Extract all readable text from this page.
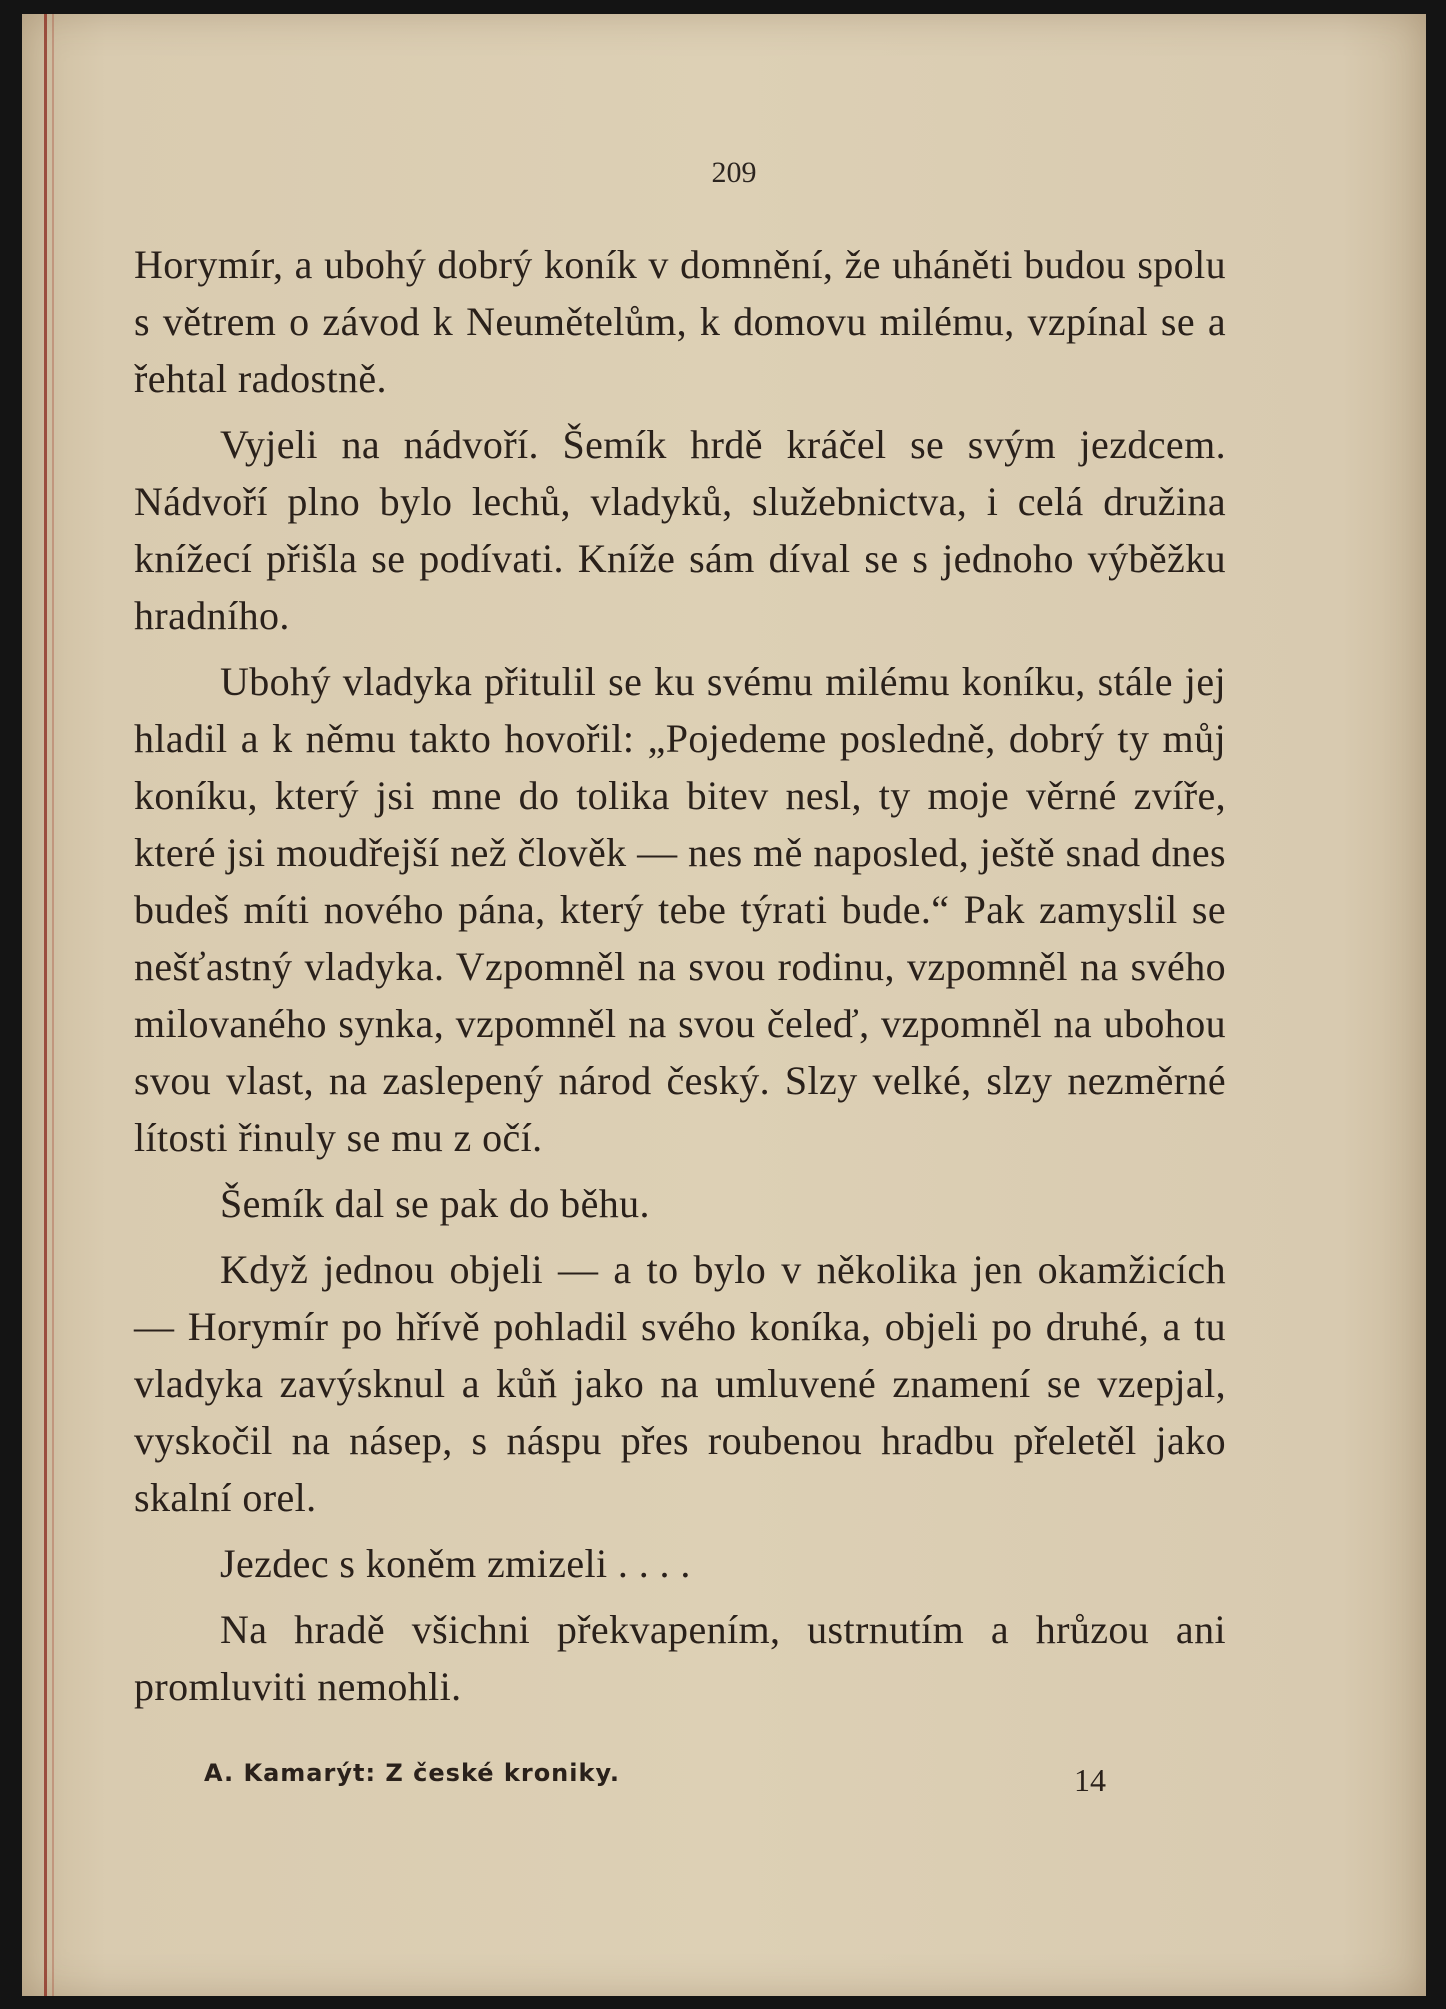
209

Horymír, a ubohý dobrý koník v domnění, že uháněti budou spolu s větrem o závod k Neumětelům, k domovu milému, vzpínal se a řehtal radostně.

Vyjeli na nádvoří. Šemík hrdě kráčel se svým jezdcem. Nádvoří plno bylo lechů, vladyků, služebnictva, i celá družina knížecí přišla se podívati. Kníže sám díval se s jednoho výběžku hradního.

Ubohý vladyka přitulil se ku svému milému koníku, stále jej hladil a k němu takto hovořil: „Pojedeme posledně, dobrý ty můj koníku, který jsi mne do tolika bitev nesl, ty moje věrné zvíře, které jsi moudřejší než člověk — nes mě naposled, ještě snad dnes budeš míti nového pána, který tebe týrati bude.“ Pak zamyslil se nešťastný vladyka. Vzpomněl na svou rodinu, vzpomněl na svého milovaného synka, vzpomněl na svou čeleď, vzpomněl na ubohou svou vlast, na zaslepený národ český. Slzy velké, slzy nezměrné lítosti řinuly se mu z očí.

Šemík dal se pak do běhu.

Když jednou objeli — a to bylo v několika jen okamžicích — Horymír po hřívě pohladil svého koníka, objeli po druhé, a tu vladyka zavýsknul a kůň jako na umluvené znamení se vzepjal, vyskočil na násep, s náspu přes roubenou hradbu přeletěl jako skalní orel.

Jezdec s koněm zmizeli . . . .

Na hradě všichni překvapením, ustrnutím a hrůzou ani promluviti nemohli.

A. Kamarýt: Z české kroniky.	14
